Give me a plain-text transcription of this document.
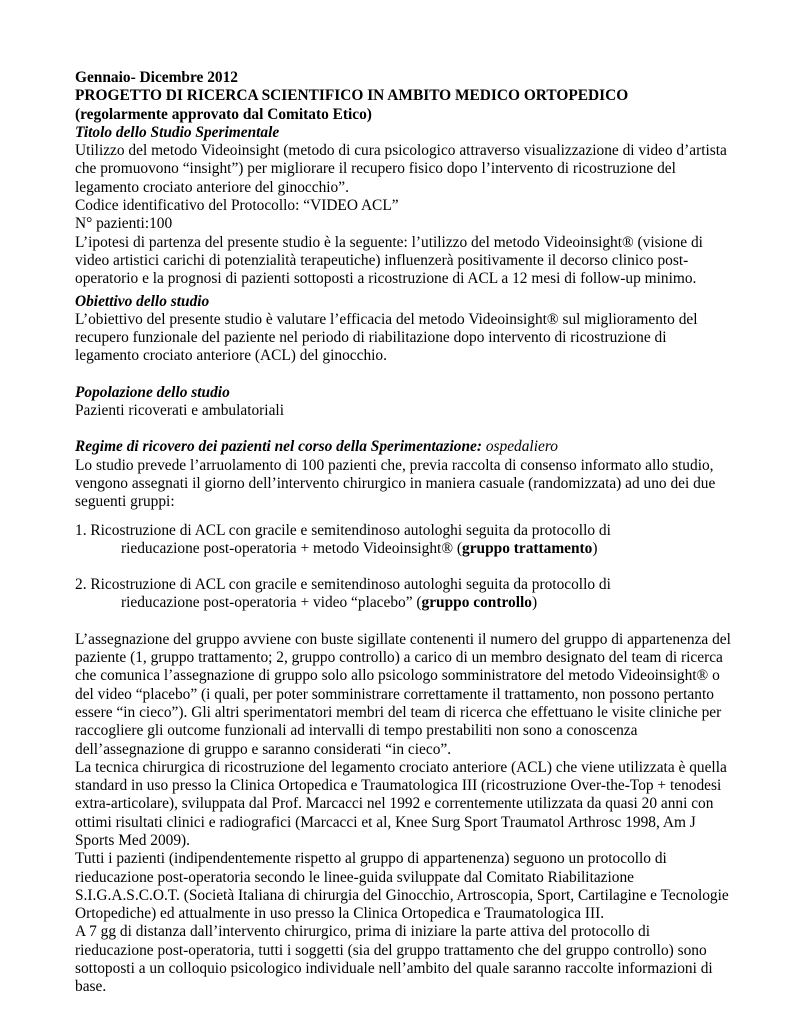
Gennaio- Dicembre 2012

PROGETTO DI RICERCA SCIENTIFICO IN AMBITO MEDICO ORTOPEDICO

(regolarmente approvato dal Comitato Etico)

Titolo dello Studio Sperimentale

Utilizzo del metodo Videoinsight (metodo di cura psicologico attraverso visualizzazione di video d’artista che promuovono “insight”) per migliorare il recupero fisico dopo l’intervento di ricostruzione del legamento crociato anteriore del ginocchio”.

Codice identificativo del Protocollo: “VIDEO ACL”

N° pazienti:100

L’ipotesi di partenza del presente studio è la seguente: l’utilizzo del metodo Videoinsight® (visione di video artistici carichi di potenzialità terapeutiche) influenzerà positivamente il decorso clinico post-operatorio e la prognosi di pazienti sottoposti a ricostruzione di ACL a 12 mesi di follow-up minimo.

Obiettivo dello studio

L’obiettivo del presente studio è valutare l’efficacia del metodo Videoinsight® sul miglioramento del recupero funzionale del paziente nel periodo di riabilitazione dopo intervento di ricostruzione di legamento crociato anteriore (ACL) del ginocchio.

Popolazione dello studio

Pazienti ricoverati e ambulatoriali

Regime di ricovero dei pazienti nel corso della Sperimentazione: ospedaliero

Lo studio prevede l’arruolamento di 100 pazienti che, previa raccolta di consenso informato allo studio, vengono assegnati il giorno dell’intervento chirurgico in maniera casuale (randomizzata) ad uno dei due seguenti gruppi:

1. Ricostruzione di ACL con gracile e semitendinoso autologhi seguita da protocollo di
rieducazione post-operatoria + metodo Videoinsight® (gruppo trattamento)
2. Ricostruzione di ACL con gracile e semitendinoso autologhi seguita da protocollo di
rieducazione post-operatoria + video “placebo” (gruppo controllo)

L’assegnazione del gruppo avviene con buste sigillate contenenti il numero del gruppo di appartenenza del paziente (1, gruppo trattamento; 2, gruppo controllo) a carico di un membro designato del team di ricerca che comunica l’assegnazione di gruppo solo allo psicologo somministratore del metodo Videoinsight® o del video “placebo” (i quali, per poter somministrare correttamente il trattamento, non possono pertanto essere “in cieco”). Gli altri sperimentatori membri del team di ricerca che effettuano le visite cliniche per raccogliere gli outcome funzionali ad intervalli di tempo prestabiliti non sono a conoscenza dell’assegnazione di gruppo e saranno considerati “in cieco”.

La tecnica chirurgica di ricostruzione del legamento crociato anteriore (ACL) che viene utilizzata è quella standard in uso presso la Clinica Ortopedica e Traumatologica III (ricostruzione Over-the-Top + tenodesi extra-articolare), sviluppata dal Prof. Marcacci nel 1992 e correntemente utilizzata da quasi 20 anni con ottimi risultati clinici e radiografici (Marcacci et al, Knee Surg Sport Traumatol Arthrosc 1998, Am J Sports Med 2009).

Tutti i pazienti (indipendentemente rispetto al gruppo di appartenenza) seguono un protocollo di rieducazione post-operatoria secondo le linee-guida sviluppate dal Comitato Riabilitazione S.I.G.A.S.C.O.T. (Società Italiana di chirurgia del Ginocchio, Artroscopia, Sport, Cartilagine e Tecnologie Ortopediche) ed attualmente in uso presso la Clinica Ortopedica e Traumatologica III.

A 7 gg di distanza dall’intervento chirurgico, prima di iniziare la parte attiva del protocollo di rieducazione post-operatoria, tutti i soggetti (sia del gruppo trattamento che del gruppo controllo) sono sottoposti a un colloquio psicologico individuale nell’ambito del quale saranno raccolte informazioni di base.
